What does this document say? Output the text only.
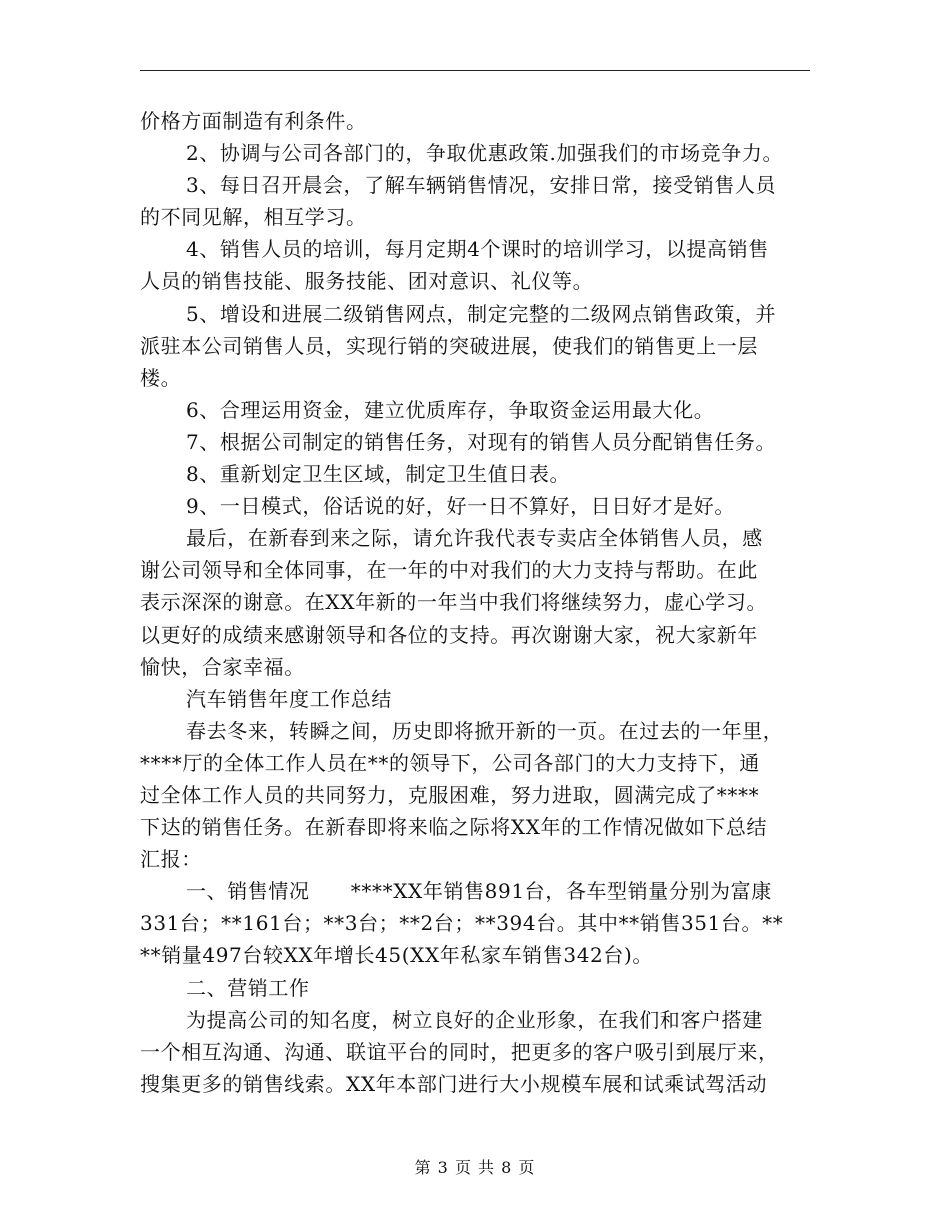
价格方面制造有利条件。

2、协调与公司各部门的，争取优惠政策.加强我们的市场竞争力。

3、每日召开晨会，了解车辆销售情况，安排日常，接受销售人员

的不同见解，相互学习。

4、销售人员的培训，每月定期4个课时的培训学习，以提高销售

人员的销售技能、服务技能、团对意识、礼仪等。

5、增设和进展二级销售网点，制定完整的二级网点销售政策，并

派驻本公司销售人员，实现行销的突破进展，使我们的销售更上一层

楼。

6、合理运用资金，建立优质库存，争取资金运用最大化。

7、根据公司制定的销售任务，对现有的销售人员分配销售任务。

8、重新划定卫生区域，制定卫生值日表。

9、一日模式，俗话说的好，好一日不算好，日日好才是好。

最后，在新春到来之际，请允许我代表专卖店全体销售人员，感

谢公司领导和全体同事，在一年的中对我们的大力支持与帮助。在此

表示深深的谢意。在XX年新的一年当中我们将继续努力，虚心学习。

以更好的成绩来感谢领导和各位的支持。再次谢谢大家，祝大家新年

愉快，合家幸福。

汽车销售年度工作总结

春去冬来，转瞬之间，历史即将掀开新的一页。在过去的一年里，

****厅的全体工作人员在**的领导下，公司各部门的大力支持下，通

过全体工作人员的共同努力，克服困难，努力进取，圆满完成了****

下达的销售任务。在新春即将来临之际将XX年的工作情况做如下总结

汇报：

一、销售情况　　****XX年销售891台，各车型销量分别为富康

331台；**161台；**3台；**2台；**394台。其中**销售351台。**

**销量497台较XX年增长45(XX年私家车销售342台)。

二、营销工作

为提高公司的知名度，树立良好的企业形象，在我们和客户搭建

一个相互沟通、沟通、联谊平台的同时，把更多的客户吸引到展厅来，

搜集更多的销售线索。XX年本部门进行大小规模车展和试乘试驾活动

第 3 页 共 8 页
